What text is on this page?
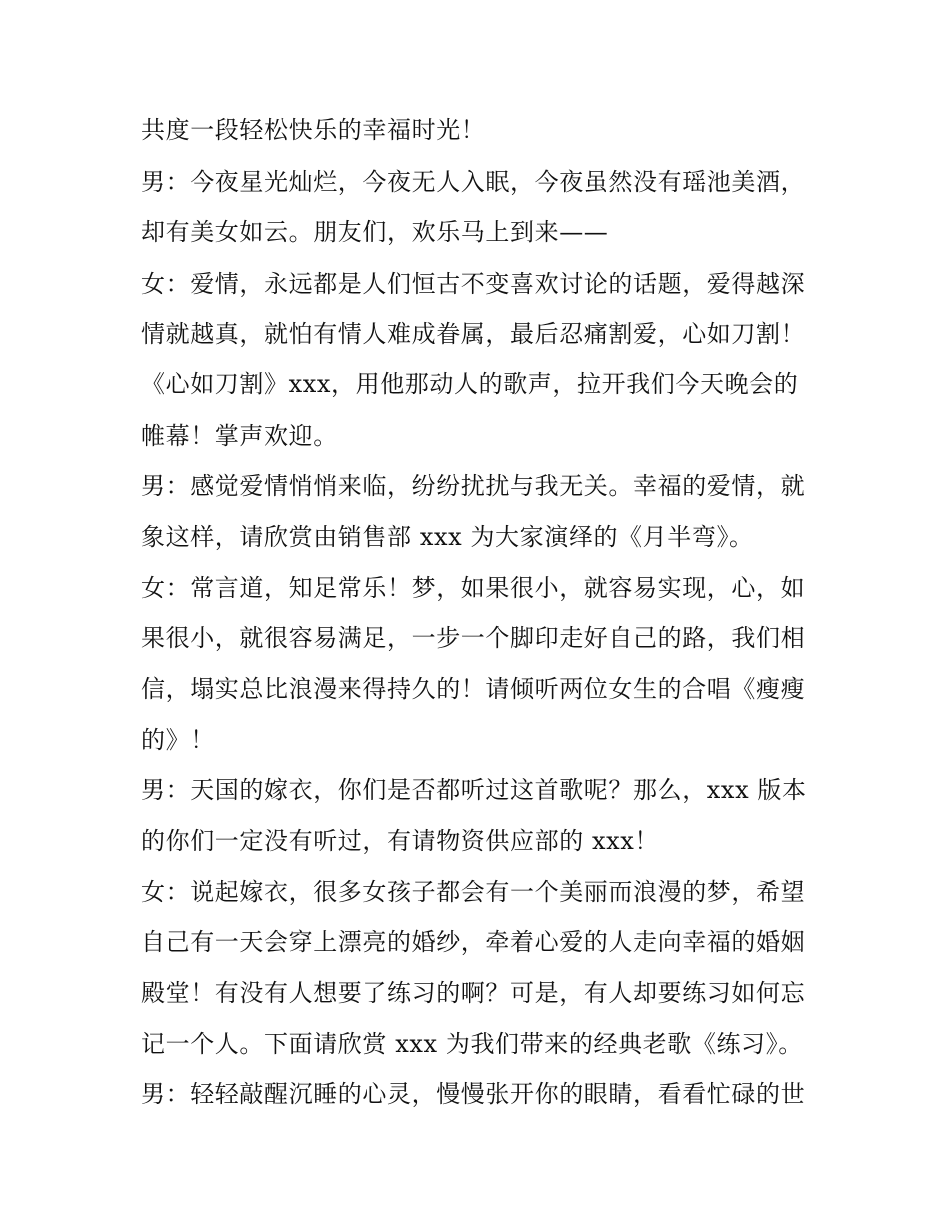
共度一段轻松快乐的幸福时光！
男：今夜星光灿烂，今夜无人入眠，今夜虽然没有瑶池美酒，
却有美女如云。朋友们，欢乐马上到来——
女：爱情，永远都是人们恒古不变喜欢讨论的话题，爱得越深
情就越真，就怕有情人难成眷属，最后忍痛割爱，心如刀割！
《心如刀割》xxx，用他那动人的歌声，拉开我们今天晚会的
帷幕！掌声欢迎。
男：感觉爱情悄悄来临，纷纷扰扰与我无关。幸福的爱情，就
象这样，请欣赏由销售部 xxx 为大家演绎的《月半弯》。
女：常言道，知足常乐！梦，如果很小，就容易实现，心，如
果很小，就很容易满足，一步一个脚印走好自己的路，我们相
信，塌实总比浪漫来得持久的！请倾听两位女生的合唱《瘦瘦
的》！
男：天国的嫁衣，你们是否都听过这首歌呢？那么，xxx 版本
的你们一定没有听过，有请物资供应部的 xxx！
女：说起嫁衣，很多女孩子都会有一个美丽而浪漫的梦，希望
自己有一天会穿上漂亮的婚纱，牵着心爱的人走向幸福的婚姻
殿堂！有没有人想要了练习的啊？可是，有人却要练习如何忘
记一个人。下面请欣赏 xxx 为我们带来的经典老歌《练习》。
男：轻轻敲醒沉睡的心灵，慢慢张开你的眼睛，看看忙碌的世
